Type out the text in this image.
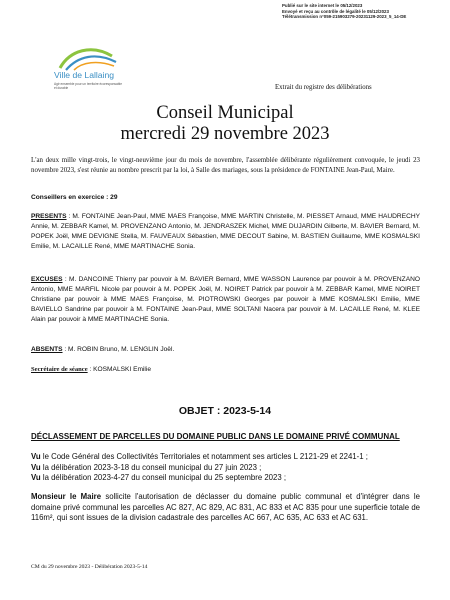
Publié sur le site internet le 05/12/2023
Envoyé et reçu au contrôle de légalité le 05/12/2023
Télétransmission n°059-215903279-20231129-2023_5_14-DE
Ville de Lallaing
Agir ensemble pour un territoire écoresponsable et durable	Extrait du registre des délibérations
Conseil Municipal
mercredi 29 novembre 2023
L'an deux mille vingt-trois, le vingt-neuvième jour du mois de novembre, l'assemblée délibérante régulièrement convoquée, le jeudi 23 novembre 2023, s'est réunie au nombre prescrit par la loi, à Salle des mariages, sous la présidence de FONTAINE Jean-Paul, Maire.
Conseillers en exercice : 29
PRESENTS : M. FONTAINE Jean-Paul, MME MAES Françoise, MME MARTIN Christelle, M. PIESSET Arnaud, MME HAUDRECHY Annie, M. ZEBBAR Kamel, M. PROVENZANO Antonio, M. JENDRASZEK Michel, MME DUJARDIN Gilberte, M. BAVIER Bernard, M. POPEK Joël, MME DEVIGNE Stella, M. FAUVEAUX Sébastien, MME DECOUT Sabine, M. BASTIEN Guillaume, MME KOSMALSKI Emilie, M. LACAILLE René, MME MARTINACHE Sonia.
EXCUSES : M. DANCOINE Thierry par pouvoir à M. BAVIER Bernard, MME WASSON Laurence par pouvoir à M. PROVENZANO Antonio, MME MARFIL Nicole par pouvoir à M. POPEK Joël, M. NOIRET Patrick par pouvoir à M. ZEBBAR Kamel, MME NOIRET Christiane par pouvoir à MME MAES Françoise, M. PIOTROWSKI Georges par pouvoir à MME KOSMALSKI Emilie, MME BAVIELLO Sandrine par pouvoir à M. FONTAINE Jean-Paul, MME SOLTANI Nacera par pouvoir à M. LACAILLE René, M. KLEE Alain par pouvoir à MME MARTINACHE Sonia.
ABSENTS : M. ROBIN Bruno, M. LENGLIN Joël.
Secrétaire de séance : KOSMALSKI Emilie
OBJET : 2023-5-14
DÉCLASSEMENT DE PARCELLES DU DOMAINE PUBLIC DANS LE DOMAINE PRIVÉ COMMUNAL
Vu le Code Général des Collectivités Territoriales et notamment ses articles L 2121-29 et 2241-1 ;
Vu la délibération 2023-3-18 du conseil municipal du 27 juin 2023 ;
Vu la délibération 2023-4-27 du conseil municipal du 25 septembre 2023 ;
Monsieur le Maire sollicite l'autorisation de déclasser du domaine public communal et d'intégrer dans le domaine privé communal les parcelles AC 827, AC 829, AC 831, AC 833 et AC 835 pour une superficie totale de 116m², qui sont issues de la division cadastrale des parcelles AC 667, AC 635, AC 633 et AC 631.
CM du 29 novembre 2023 - Délibération 2023-5-14
